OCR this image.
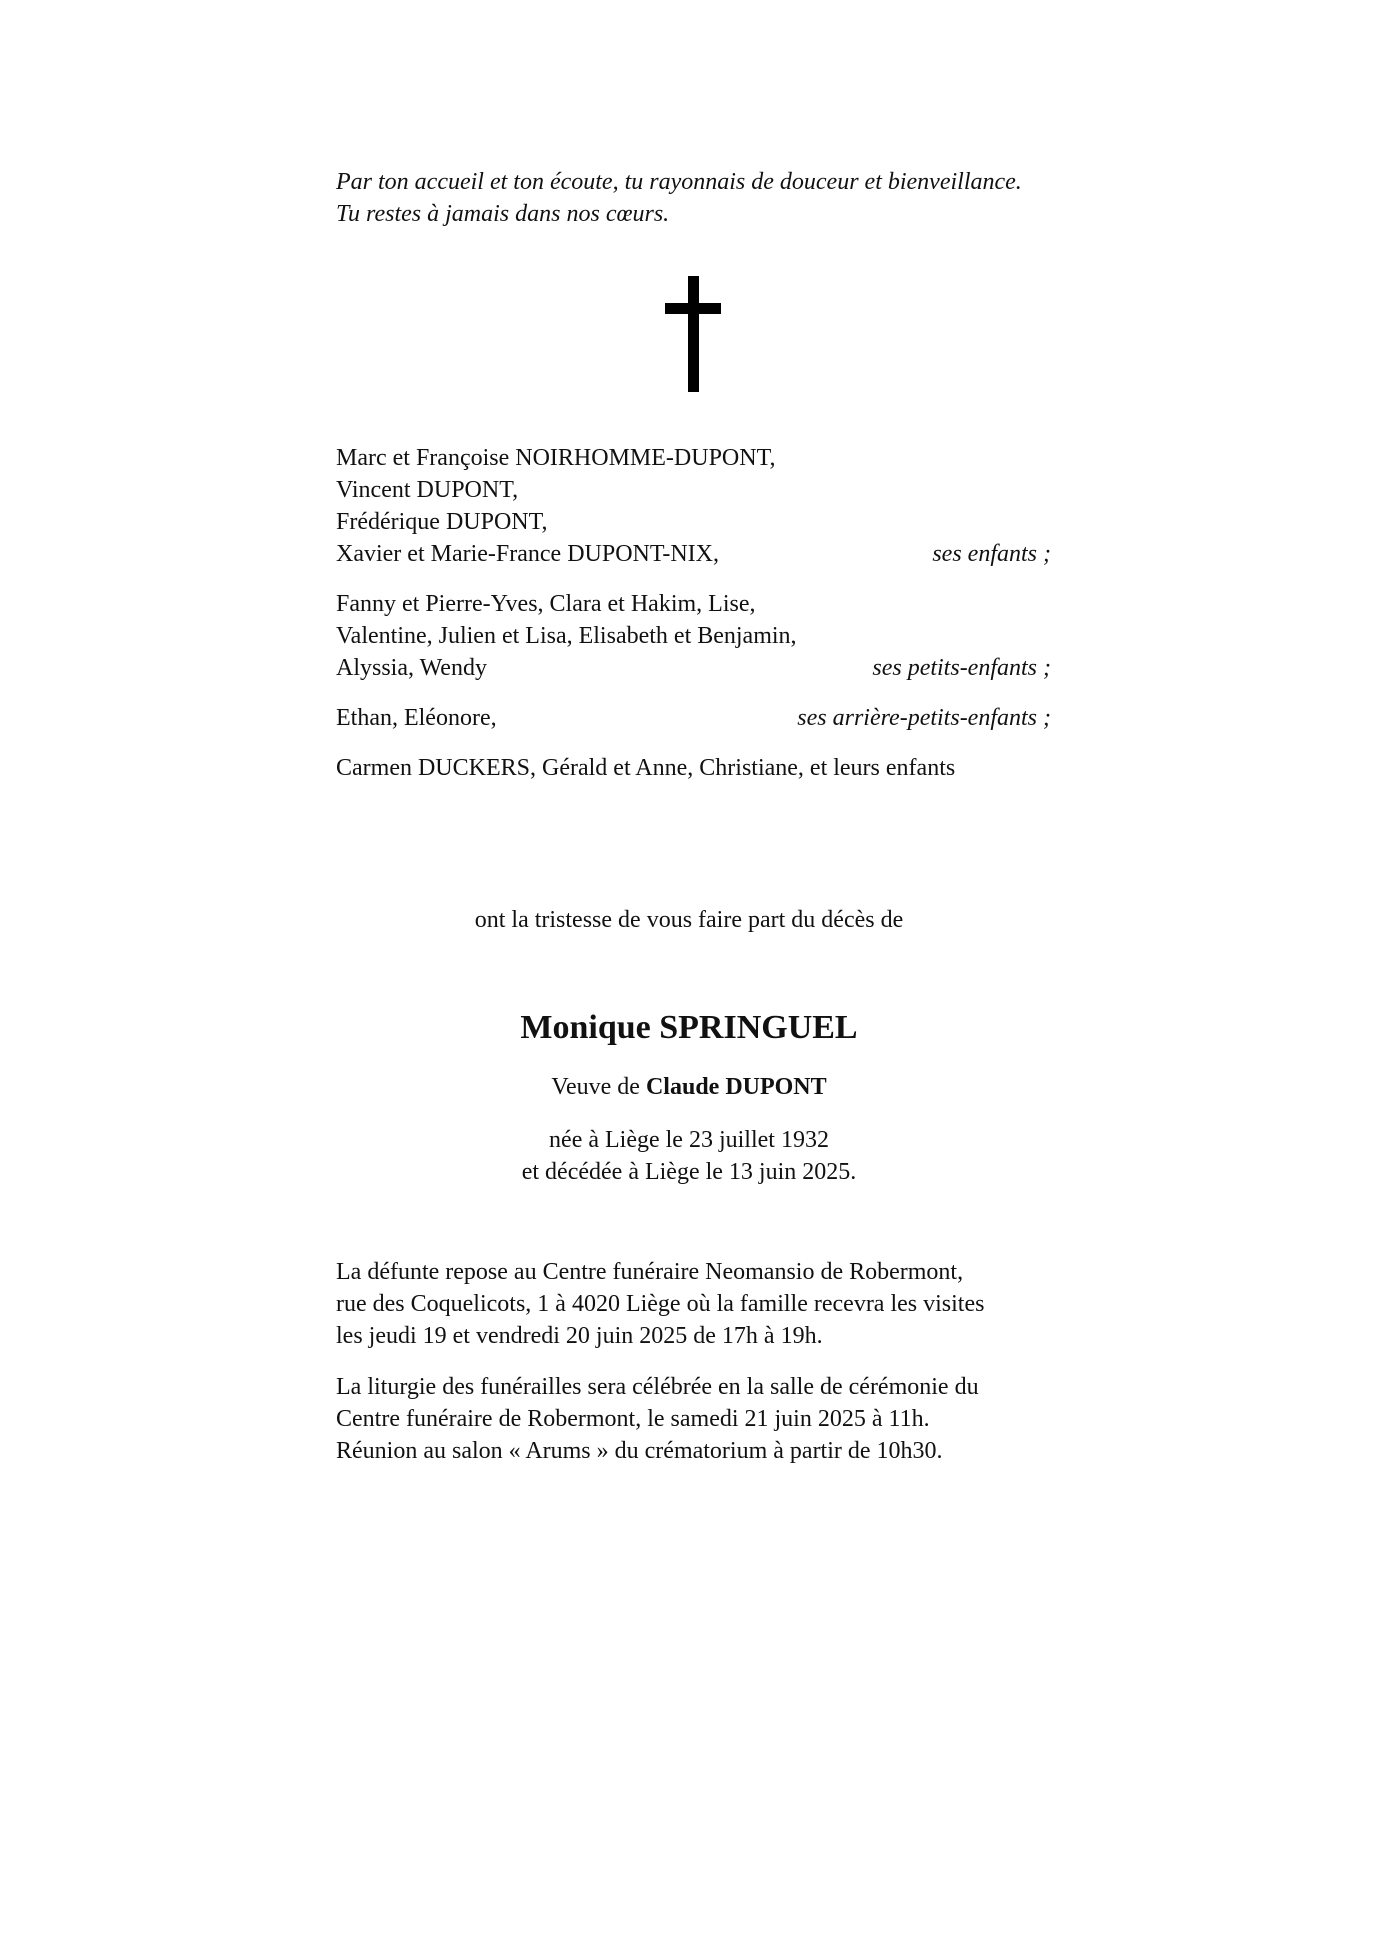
Par ton accueil et ton écoute, tu rayonnais de douceur et bienveillance.
Tu restes à jamais dans nos cœurs.
Marc et Françoise NOIRHOMME-DUPONT,
Vincent DUPONT,
Frédérique DUPONT,
Xavier et Marie-France DUPONT-NIX,	ses enfants ;
Fanny et Pierre-Yves, Clara et Hakim, Lise,
Valentine, Julien et Lisa, Elisabeth et Benjamin,
Alyssia, Wendy	ses petits-enfants ;
Ethan, Eléonore,	ses arrière-petits-enfants ;
Carmen DUCKERS, Gérald et Anne, Christiane, et leurs enfants
ont la tristesse de vous faire part du décès de
Monique SPRINGUEL
Veuve de Claude DUPONT
née à Liège le 23 juillet 1932
et décédée à Liège le 13 juin 2025.
La défunte repose au Centre funéraire Neomansio de Robermont,
rue des Coquelicots, 1 à 4020 Liège où la famille recevra les visites
les jeudi 19 et vendredi 20 juin 2025 de 17h à 19h.
La liturgie des funérailles sera célébrée en la salle de cérémonie du
Centre funéraire de Robermont, le samedi 21 juin 2025 à 11h.
Réunion au salon « Arums » du crématorium à partir de 10h30.
